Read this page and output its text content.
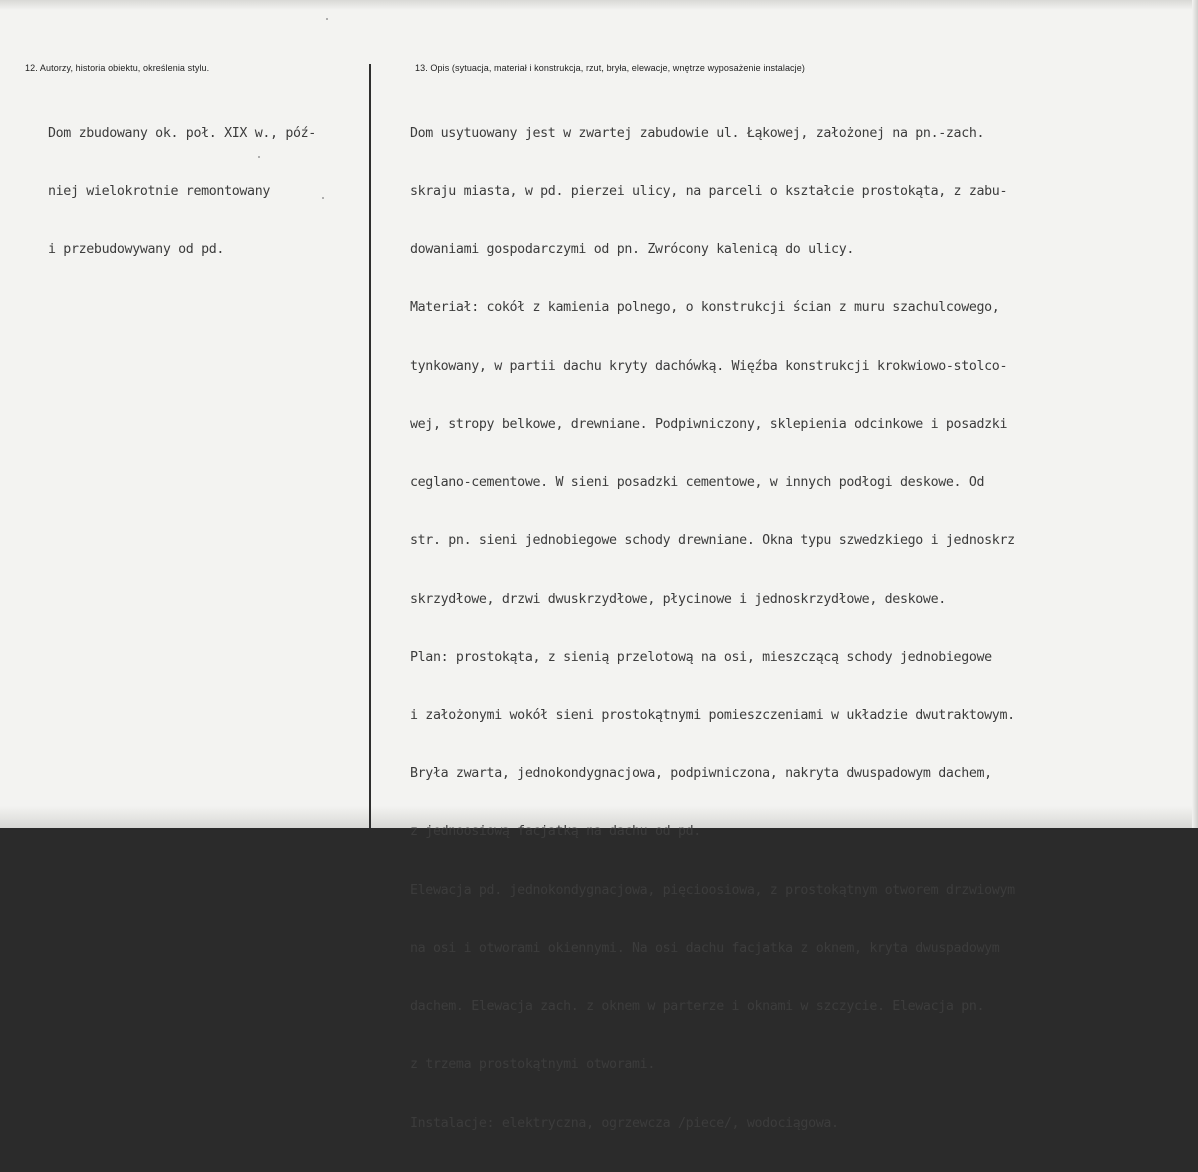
12. Autorzy, historia obiektu, określenia stylu.	13. Opis (sytuacja, materiał i konstrukcja, rzut, bryła, elewacje, wnętrze wyposażenie instalacje)

Dom zbudowany ok. poł. XIX w., póź-

niej wielokrotnie remontowany

i przebudowywany od pd.

Dom usytuowany jest w zwartej zabudowie ul. Łąkowej, założonej na pn.-zach.

skraju miasta, w pd. pierzei ulicy, na parceli o kształcie prostokąta, z zabu-

dowaniami gospodarczymi od pn. Zwrócony kalenicą do ulicy.

Materiał: cokół z kamienia polnego, o konstrukcji ścian z muru szachulcowego,

tynkowany, w partii dachu kryty dachówką. Więźba konstrukcji krokwiowo-stolco-

wej, stropy belkowe, drewniane. Podpiwniczony, sklepienia odcinkowe i posadzki

ceglano-cementowe. W sieni posadzki cementowe, w innych podłogi deskowe. Od

str. pn. sieni jednobiegowe schody drewniane. Okna typu szwedzkiego i jednoskrz

skrzydłowe, drzwi dwuskrzydłowe, płycinowe i jednoskrzydłowe, deskowe.

Plan: prostokąta, z sienią przelotową na osi, mieszczącą schody jednobiegowe

i założonymi wokół sieni prostokątnymi pomieszczeniami w układzie dwutraktowym.

Bryła zwarta, jednokondygnacjowa, podpiwniczona, nakryta dwuspadowym dachem,

z jednoosiową facjatką na dachu od pd.

Elewacja pd. jednokondygnacjowa, pięcioosiowa, z prostokątnym otworem drzwiowym

na osi i otworami okiennymi. Na osi dachu facjatka z oknem, kryta dwuspadowym

dachem. Elewacja zach. z oknem w parterze i oknami w szczycie. Elewacja pn.

z trzema prostokątnymi otworami.

Instalacje: elektryczna, ogrzewcza /piece/, wodociągowa.
